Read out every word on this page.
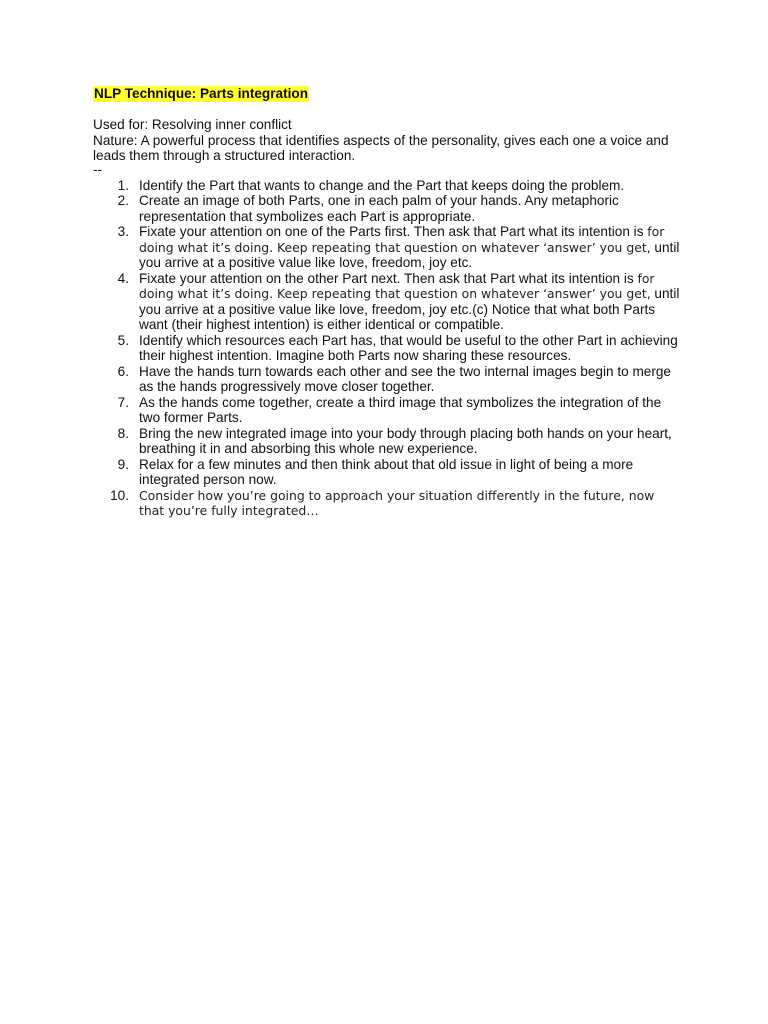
NLP Technique: Parts integration

Used for: Resolving inner conflict

Nature: A powerful process that identifies aspects of the personality, gives each one a voice and leads them through a structured interaction.

--

1. Identify the Part that wants to change and the Part that keeps doing the problem.
2. Create an image of both Parts, one in each palm of your hands. Any metaphoric representation that symbolizes each Part is appropriate.
3. Fixate your attention on one of the Parts first. Then ask that Part what its intention is for doing what it’s doing. Keep repeating that question on whatever ‘answer’ you get, until you arrive at a positive value like love, freedom, joy etc.
4. Fixate your attention on the other Part next. Then ask that Part what its intention is for doing what it’s doing. Keep repeating that question on whatever ‘answer’ you get, until you arrive at a positive value like love, freedom, joy etc.(c) Notice that what both Parts want (their highest intention) is either identical or compatible.
5. Identify which resources each Part has, that would be useful to the other Part in achieving their highest intention. Imagine both Parts now sharing these resources.
6. Have the hands turn towards each other and see the two internal images begin to merge as the hands progressively move closer together.
7. As the hands come together, create a third image that symbolizes the integration of the two former Parts.
8. Bring the new integrated image into your body through placing both hands on your heart, breathing it in and absorbing this whole new experience.
9. Relax for a few minutes and then think about that old issue in light of being a more integrated person now.
10. Consider how you’re going to approach your situation differently in the future, now that you’re fully integrated…
